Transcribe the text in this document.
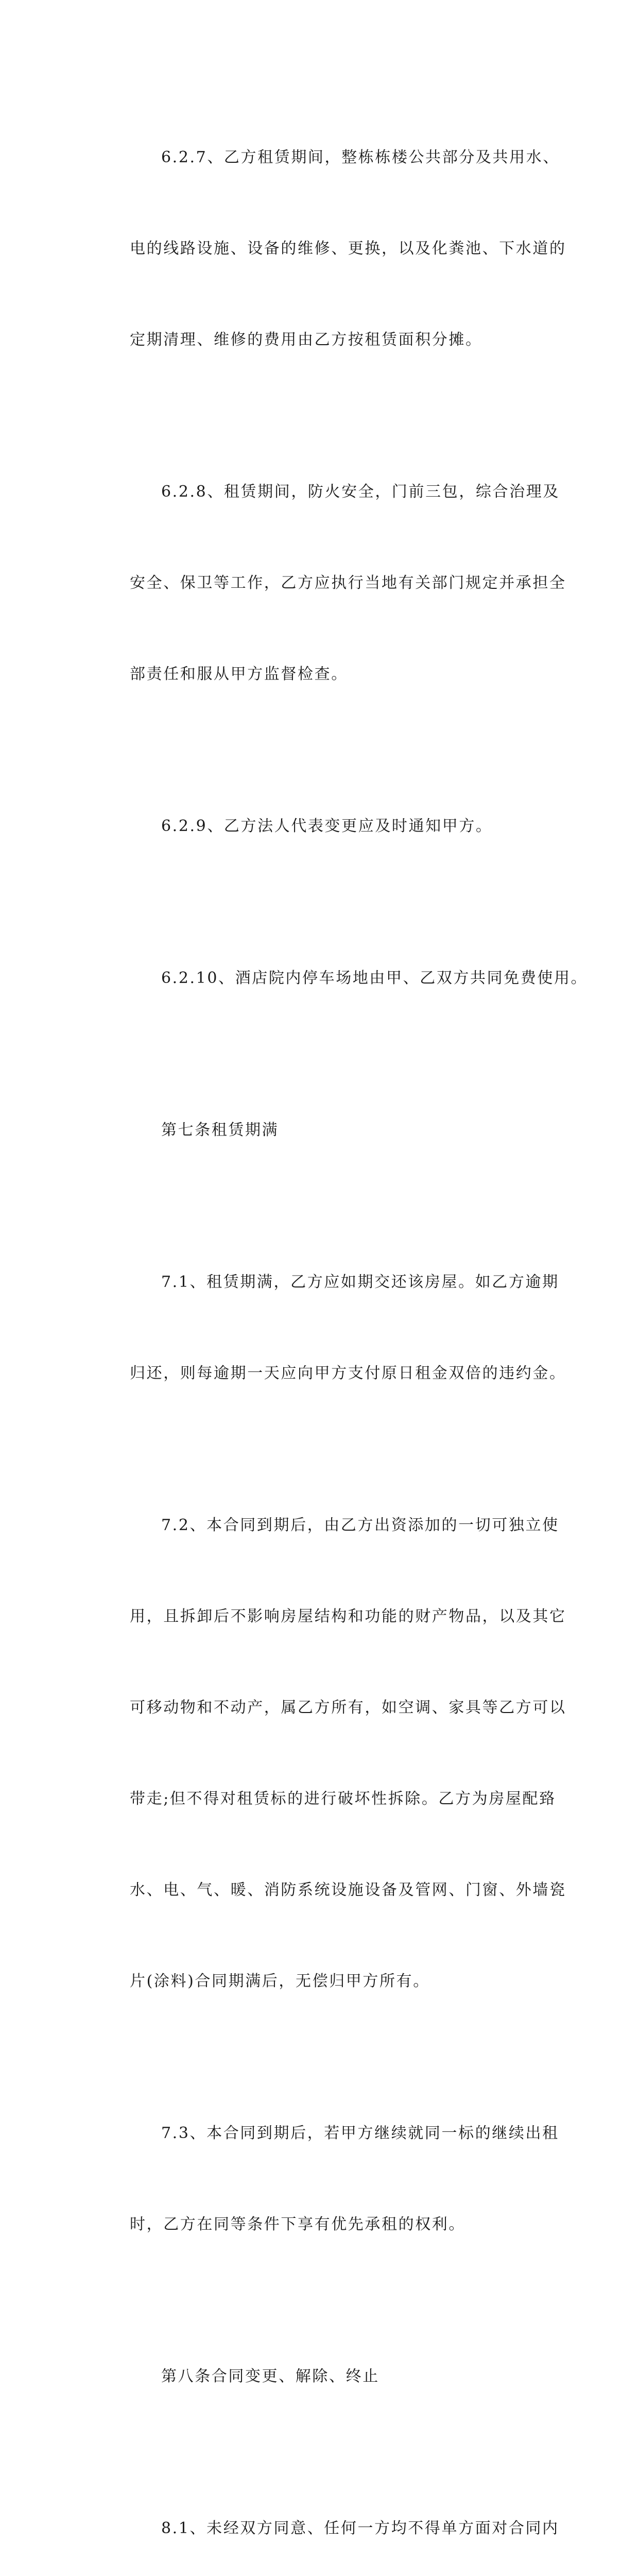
6.2.7、乙方租赁期间，整栋栋楼公共部分及共用水、

电的线路设施、设备的维修、更换，以及化粪池、下水道的

定期清理、维修的费用由乙方按租赁面积分摊。

6.2.8、租赁期间，防火安全，门前三包，综合治理及

安全、保卫等工作，乙方应执行当地有关部门规定并承担全

部责任和服从甲方监督检查。

6.2.9、乙方法人代表变更应及时通知甲方。

6.2.10、酒店院内停车场地由甲、乙双方共同免费使用。

第七条租赁期满

7.1、租赁期满，乙方应如期交还该房屋。如乙方逾期

归还，则每逾期一天应向甲方支付原日租金双倍的违约金。

7.2、本合同到期后，由乙方出资添加的一切可独立使

用，且拆卸后不影响房屋结构和功能的财产物品，以及其它

可移动物和不动产，属乙方所有，如空调、家具等乙方可以

带走;但不得对租赁标的进行破坏性拆除。乙方为房屋配臵

水、电、气、暖、消防系统设施设备及管网、门窗、外墙瓷

片(涂料)合同期满后，无偿归甲方所有。

7.3、本合同到期后，若甲方继续就同一标的继续出租

时，乙方在同等条件下享有优先承租的权利。

第八条合同变更、解除、终止

8.1、未经双方同意、任何一方均不得单方面对合同内
